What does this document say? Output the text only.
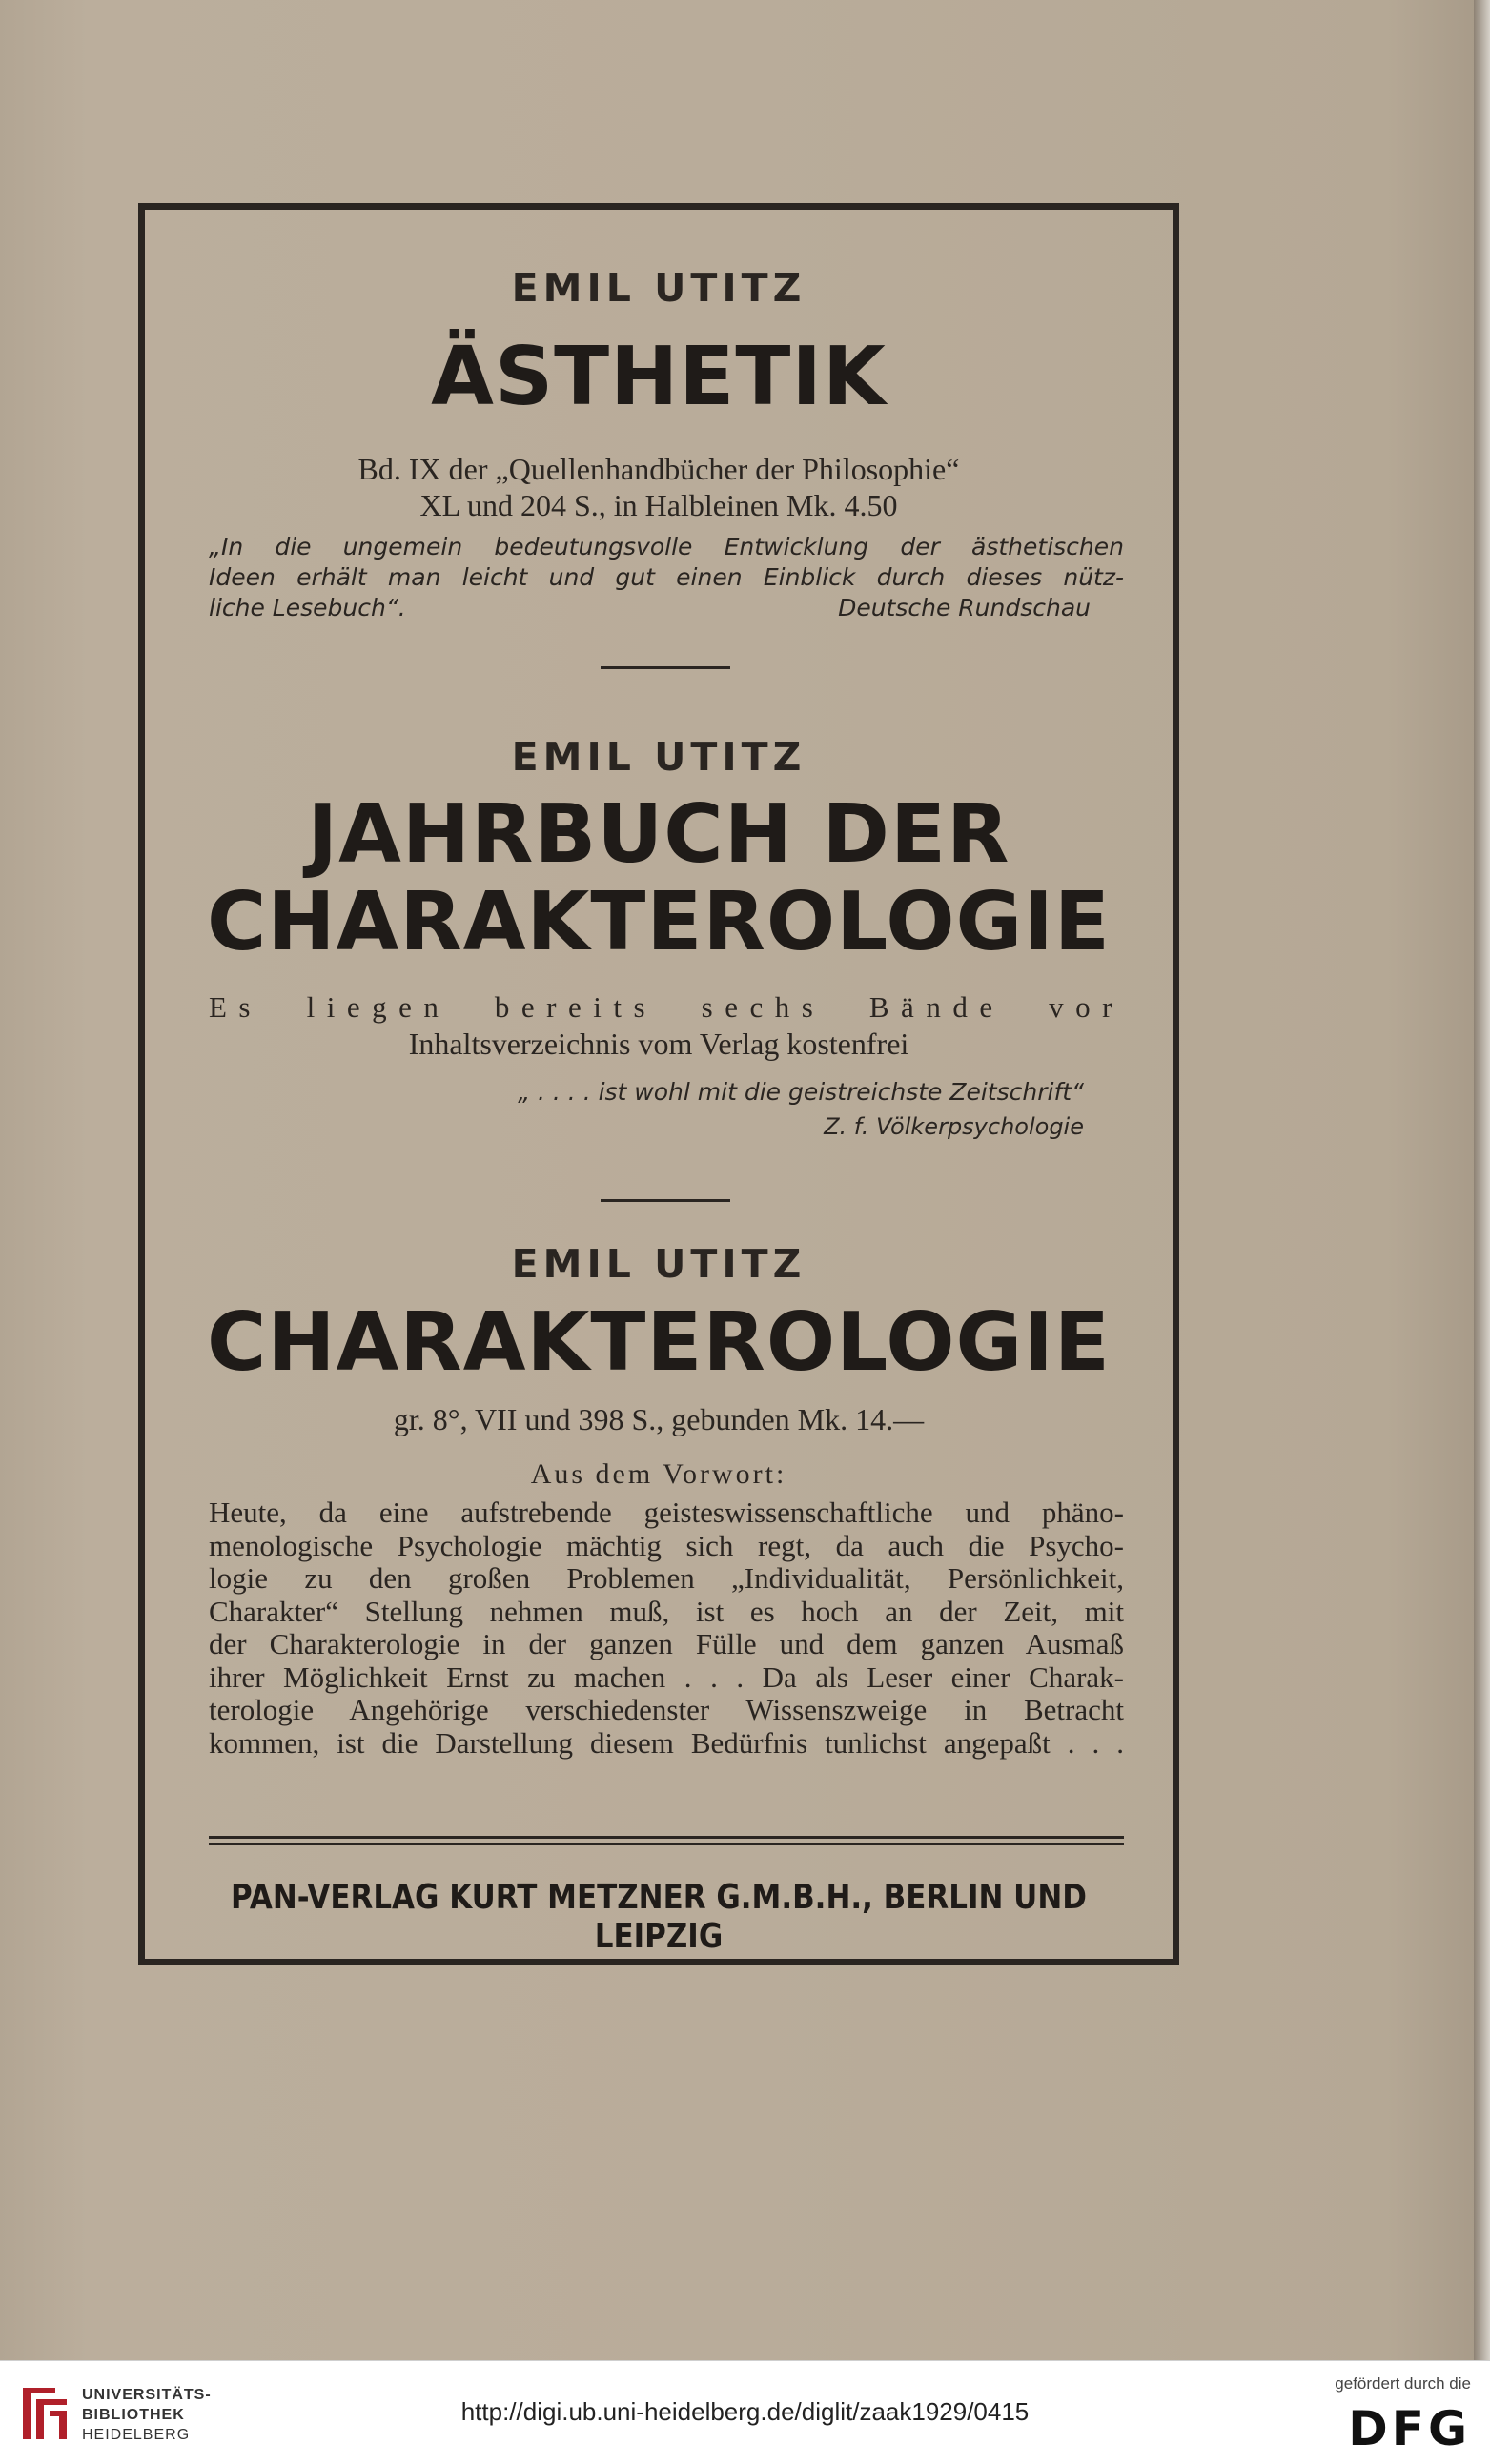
EMIL UTITZ
ÄSTHETIK
Bd. IX der „Quellenhandbücher der Philosophie“
XL und 204 S., in Halbleinen Mk. 4.50
„In die ungemein bedeutungsvolle Entwicklung der ästhetischen
Ideen erhält man leicht und gut einen Einblick durch dieses nütz-
liche Lesebuch“.	Deutsche Rundschau
EMIL UTITZ
JAHRBUCH DER
CHARAKTEROLOGIE
Es liegen bereits sechs Bände vor
Inhaltsverzeichnis vom Verlag kostenfrei
„ . . . . ist wohl mit die geistreichste Zeitschrift“
Z. f. Völkerpsychologie
EMIL UTITZ
CHARAKTEROLOGIE
gr. 8°, VII und 398 S., gebunden Mk. 14.—
Aus dem Vorwort:
Heute, da eine aufstrebende geisteswissenschaftliche und phäno-
menologische Psychologie mächtig sich regt, da auch die Psycho-
logie zu den großen Problemen „Individualität, Persönlichkeit,
Charakter“ Stellung nehmen muß, ist es hoch an der Zeit, mit
der Charakterologie in der ganzen Fülle und dem ganzen Ausmaß
ihrer Möglichkeit Ernst zu machen . . . Da als Leser einer Charak-
terologie Angehörige verschiedenster Wissenszweige in Betracht
kommen, ist die Darstellung diesem Bedürfnis tunlichst angepaßt . . .
PAN-VERLAG KURT METZNER G.M.B.H., BERLIN UND LEIPZIG
UNIVERSITÄTS-
BIBLIOTHEK
HEIDELBERG
http://digi.ub.uni-heidelberg.de/diglit/zaak1929/0415
gefördert durch die
DFG
